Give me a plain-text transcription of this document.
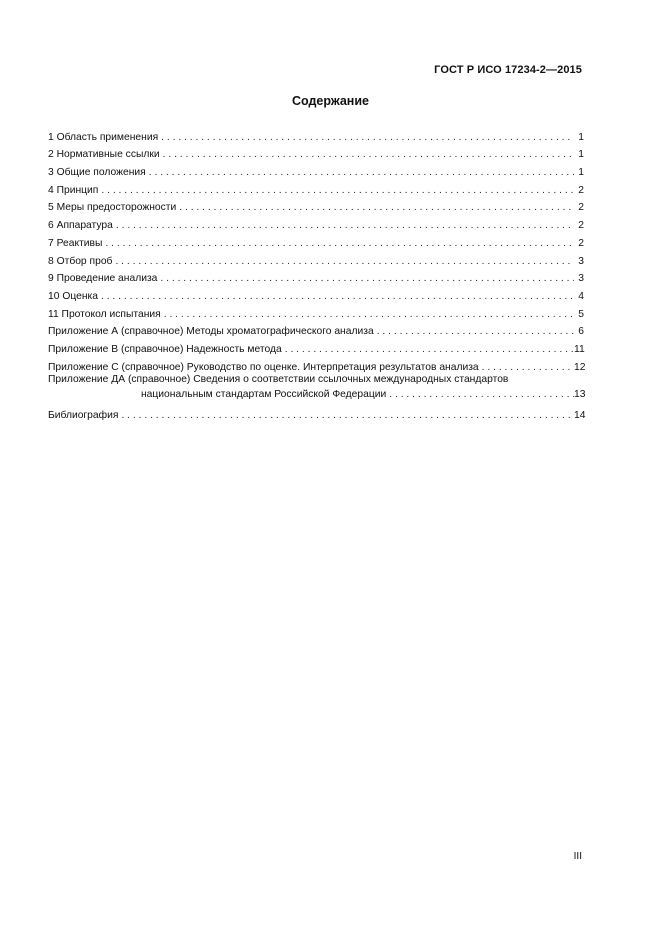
ГОСТ Р ИСО 17234-2—2015
Содержание
1 Область применения . . .	1
2 Нормативные ссылки . . .	1
3 Общие положения . . .	1
4 Принцип . . .	2
5 Меры предосторожности . . .	2
6 Аппаратура . . .	2
7 Реактивы . . .	2
8 Отбор проб . . .	3
9 Проведение анализа . . .	3
10 Оценка . . .	4
11 Протокол испытания . . .	5
Приложение А (справочное) Методы хроматографического анализа . . .	6
Приложение В (справочное) Надежность метода . . .	11
Приложение С (справочное) Руководство по оценке. Интерпретация результатов анализа . . .	12
Приложение ДА (справочное) Сведения о соответствии ссылочных международных стандартов
национальным стандартам Российской Федерации . . .	13
Библиография . . .	14
III
